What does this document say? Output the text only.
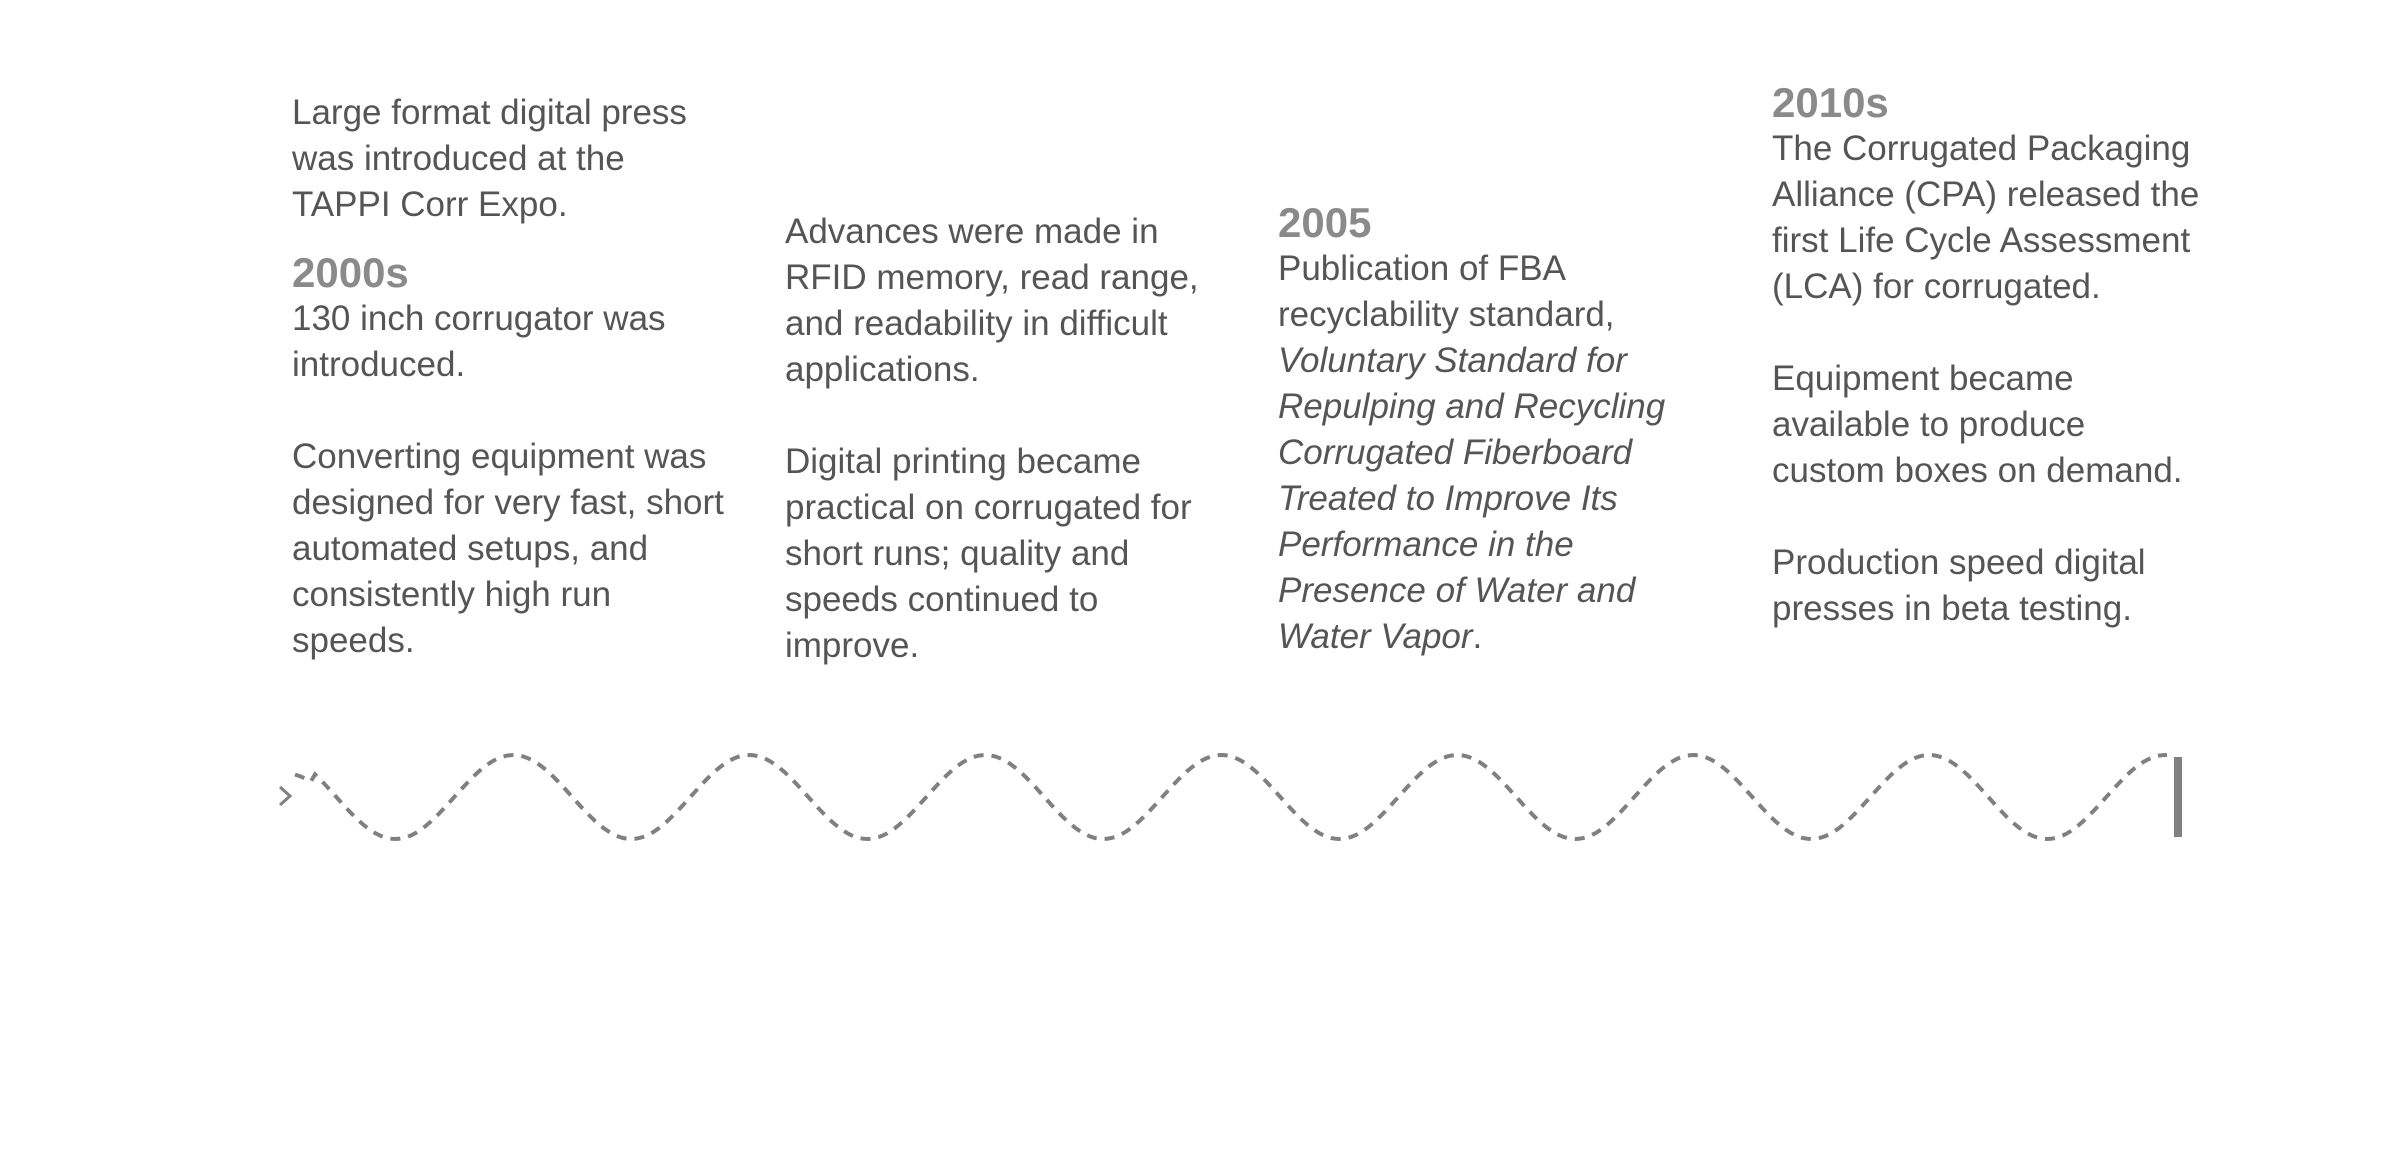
Large format digital press was introduced at the TAPPI Corr Expo.

2000s

130 inch corrugator was introduced.

Converting equipment was designed for very fast, short automated setups, and consistently high run speeds.

Advances were made in RFID memory, read range, and readability in difficult applications.

Digital printing became practical on corrugated for short runs; quality and speeds continued to improve.

2005

Publication of FBA recyclability standard, Voluntary Standard for Repulping and Recycling Corrugated Fiberboard Treated to Improve Its Performance in the Presence of Water and Water Vapor.

2010s

The Corrugated Packaging Alliance (CPA) released the first Life Cycle Assessment (LCA) for corrugated.

Equipment became available to produce custom boxes on demand.

Production speed digital presses in beta testing.
